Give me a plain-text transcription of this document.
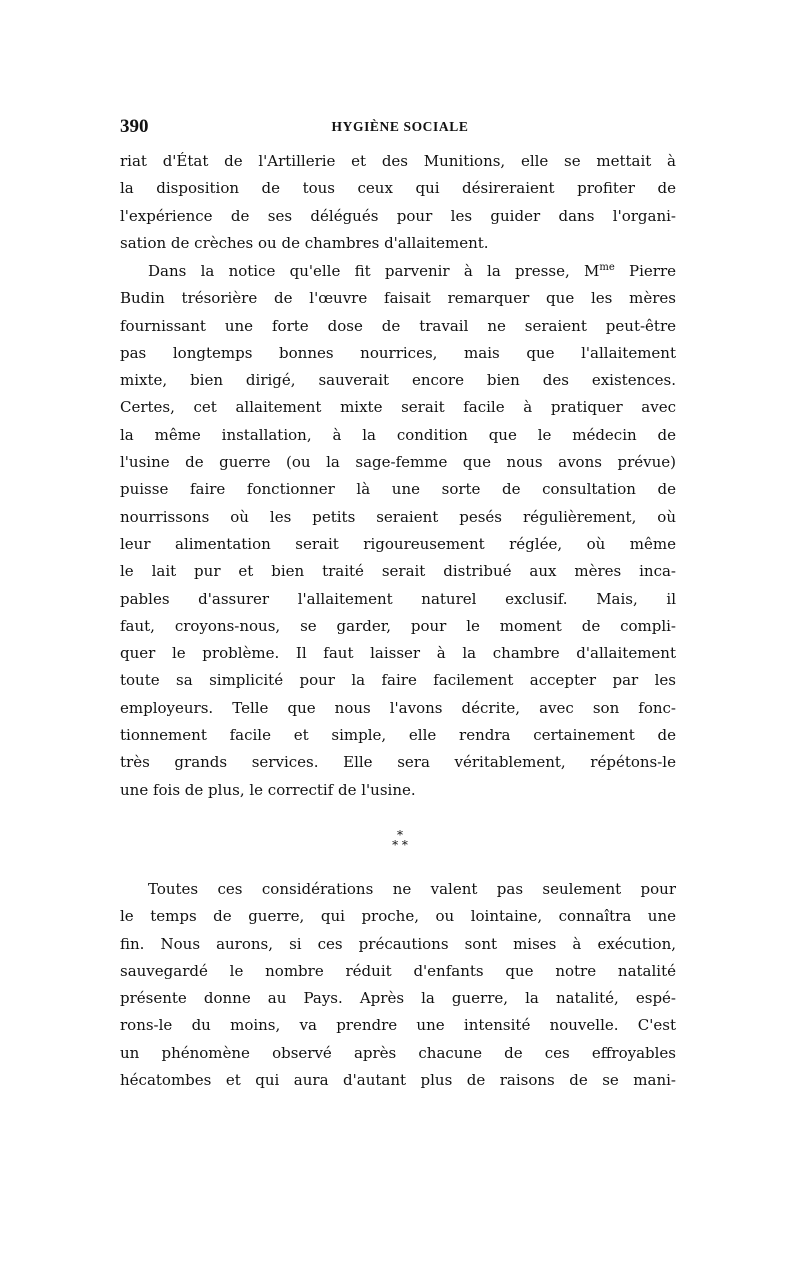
390	HYGIÈNE SOCIALE
riat d'État de l'Artillerie et des Munitions, elle se mettait à
la disposition de tous ceux qui désireraient profiter de
l'expérience de ses délégués pour les guider dans l'organi-
sation de crèches ou de chambres d'allaitement.
Dans la notice qu'elle fit parvenir à la presse, $M^{me}$ Pierre
Budin trésorière de l'œuvre faisait remarquer que les mères
fournissant une forte dose de travail ne seraient peut-être
pas longtemps bonnes nourrices, mais que l'allaitement
mixte, bien dirigé, sauverait encore bien des existences.
Certes, cet allaitement mixte serait facile à pratiquer avec
la même installation, à la condition que le médecin de
l'usine de guerre (ou la sage-femme que nous avons prévue)
puisse faire fonctionner là une sorte de consultation de
nourrissons où les petits seraient pesés régulièrement, où
leur alimentation serait rigoureusement réglée, où même
le lait pur et bien traité serait distribué aux mères inca-
pables d'assurer l'allaitement naturel exclusif. Mais, il
faut, croyons-nous, se garder, pour le moment de compli-
quer le problème. Il faut laisser à la chambre d'allaitement
toute sa simplicité pour la faire facilement accepter par les
employeurs. Telle que nous l'avons décrite, avec son fonc-
tionnement facile et simple, elle rendra certainement de
très grands services. Elle sera véritablement, répétons-le
une fois de plus, le correctif de l'usine.
*
* *
Toutes ces considérations ne valent pas seulement pour
le temps de guerre, qui proche, ou lointaine, connaîtra une
fin. Nous aurons, si ces précautions sont mises à exécution,
sauvegardé le nombre réduit d'enfants que notre natalité
présente donne au Pays. Après la guerre, la natalité, espé-
rons-le du moins, va prendre une intensité nouvelle. C'est
un phénomène observé après chacune de ces effroyables
hécatombes et qui aura d'autant plus de raisons de se mani-
